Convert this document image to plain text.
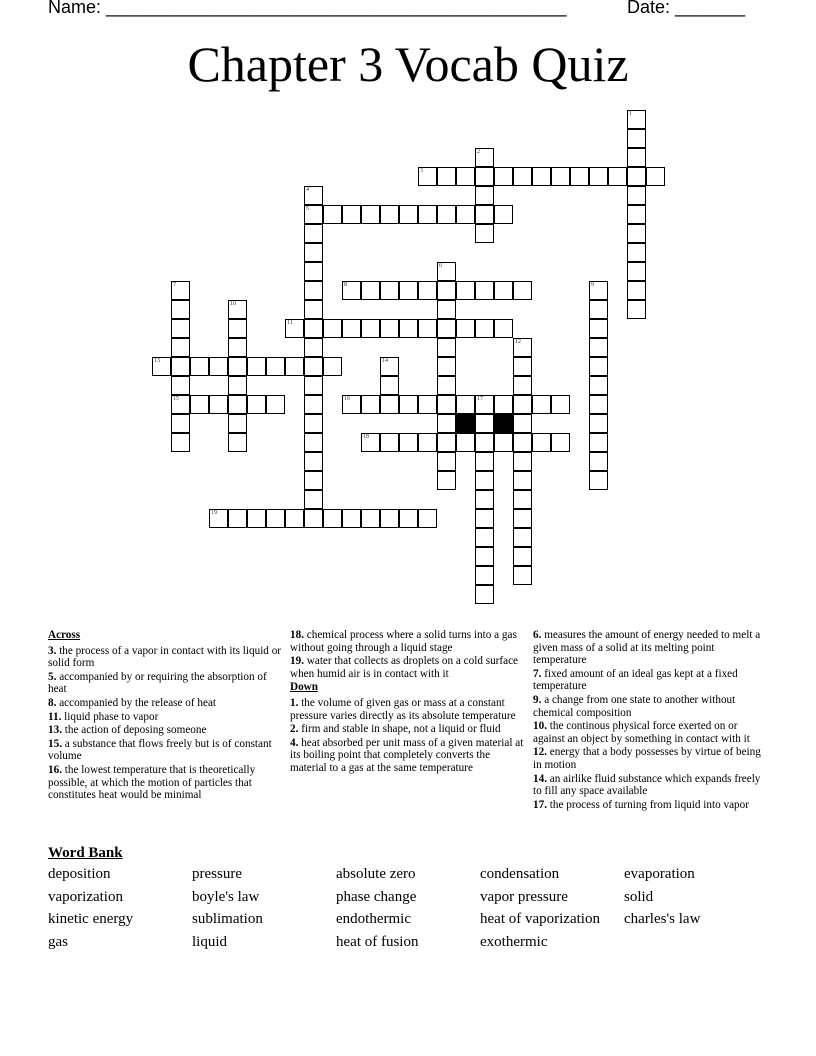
Name: ______________________________________________	Date: _______
Chapter 3 Vocab Quiz
1
2
3
4
5
6
7
15
8	9
10
11
12
13	14
16	17
18
19
Across
3. the process of a vapor in contact with its liquid or solid form
5. accompanied by or requiring the absorption of heat
8. accompanied by the release of heat
11. liquid phase to vapor
13. the action of deposing someone
15. a substance that flows freely but is of constant volume
16. the lowest temperature that is theoretically possible, at which the motion of particles that constitutes heat would be minimal
18. chemical process where a solid turns into a gas without going through a liquid stage
19. water that collects as droplets on a cold surface when humid air is in contact with it
Down
1. the volume of given gas or mass at a constant pressure varies directly as its absolute temperature
2. firm and stable in shape, not a liquid or fluid
4. heat absorbed per unit mass of a given material at its boiling point that completely converts the material to a gas at the same temperature
6. measures the amount of energy needed to melt a given mass of a solid at its melting point temperature
7. fixed amount of an ideal gas kept at a fixed temperature
9. a change from one state to another without chemical composition
10. the continous physical force exerted on or against an object by something in contact with it
12. energy that a body possesses by virtue of being in motion
14. an airlike fluid substance which expands freely to fill any space available
17. the process of turning from liquid into vapor
Word Bank
deposition	pressure	absolute zero	condensation	evaporation
vaporization	boyle's law	phase change	vapor pressure	solid
kinetic energy	sublimation	endothermic	heat of vaporization	charles's law
gas	liquid	heat of fusion	exothermic
